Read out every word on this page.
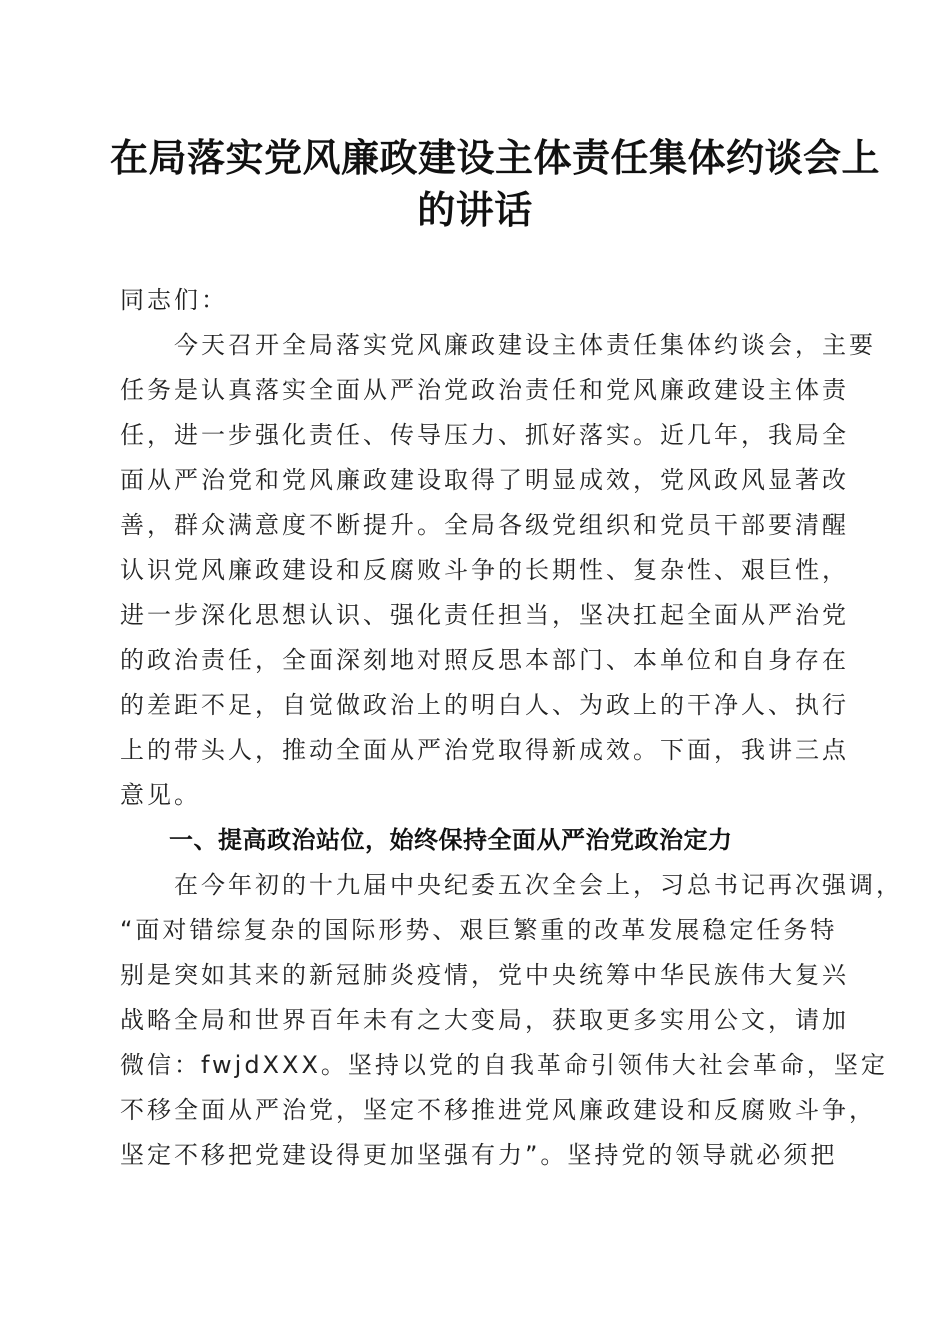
在局落实党风廉政建设主体责任集体约谈会上
的讲话
同志们：
　　今天召开全局落实党风廉政建设主体责任集体约谈会，主要
任务是认真落实全面从严治党政治责任和党风廉政建设主体责
任，进一步强化责任、传导压力、抓好落实。近几年，我局全
面从严治党和党风廉政建设取得了明显成效，党风政风显著改
善，群众满意度不断提升。全局各级党组织和党员干部要清醒
认识党风廉政建设和反腐败斗争的长期性、复杂性、艰巨性，
进一步深化思想认识、强化责任担当，坚决扛起全面从严治党
的政治责任，全面深刻地对照反思本部门、本单位和自身存在
的差距不足，自觉做政治上的明白人、为政上的干净人、执行
上的带头人，推动全面从严治党取得新成效。下面，我讲三点
意见。
　　一、提高政治站位，始终保持全面从严治党政治定力
　　在今年初的十九届中央纪委五次全会上，习总书记再次强调，
“面对错综复杂的国际形势、艰巨繁重的改革发展稳定任务特
别是突如其来的新冠肺炎疫情，党中央统筹中华民族伟大复兴
战略全局和世界百年未有之大变局，获取更多实用公文，请加
微信：fwjdXXX。坚持以党的自我革命引领伟大社会革命，坚定
不移全面从严治党，坚定不移推进党风廉政建设和反腐败斗争，
坚定不移把党建设得更加坚强有力”。坚持党的领导就必须把
